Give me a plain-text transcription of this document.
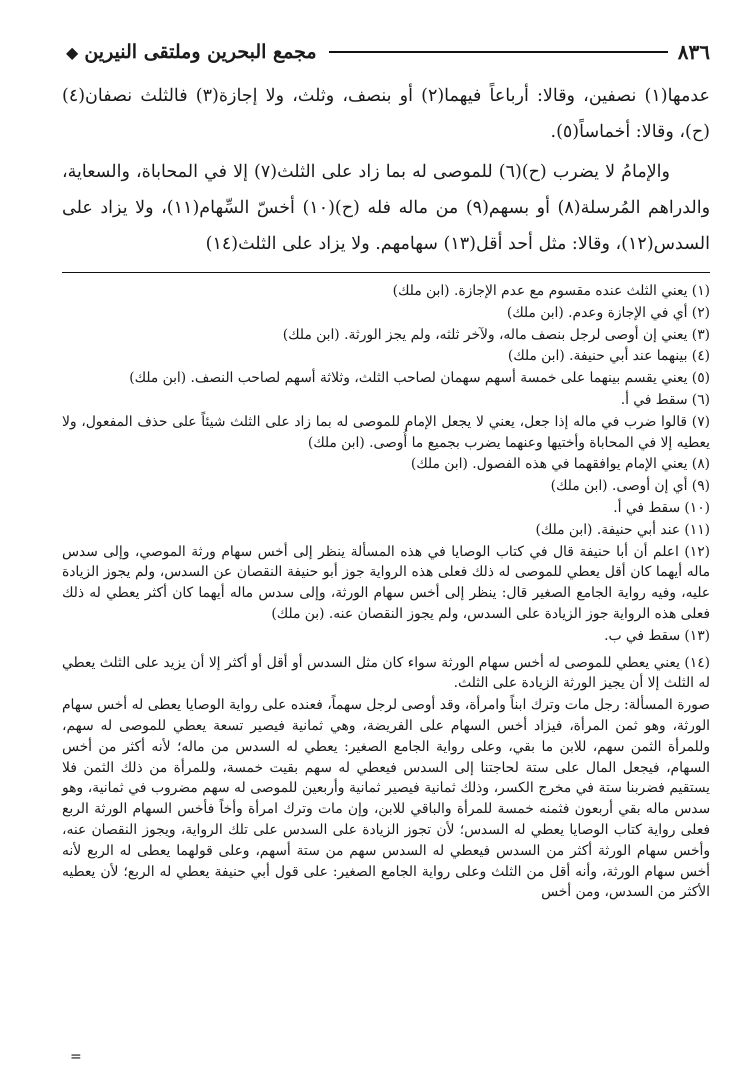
٨٣٦
مجمع البحرين وملتقى النيرين
◆

عدمها(١) نصفين، وقالا: أرباعاً فيهما(٢) أو بنصف، وثلث، ولا إجازة(٣) فالثلث نصفان(٤) (ح)، وقالا: أخماساً(٥).

والإمامُ لا يضرب (ح)(٦) للموصى له بما زاد على الثلث(٧) إلا في المحاباة، والسعاية، والدراهم المُرسلة(٨) أو بسهم(٩) من ماله فله (ح)(١٠) أخسّ السِّهام(١١)، ولا يزاد على السدس(١٢)، وقالا: مثل أحد أقل(١٣) سهامهم. ولا يزاد على الثلث(١٤)

(١) يعني الثلث عنده مقسوم مع عدم الإجازة. (ابن ملك)

(٢) أي في الإجازة وعدم. (ابن ملك)

(٣) يعني إن أوصى لرجل بنصف ماله، ولآخر ثلثه، ولم يجز الورثة. (ابن ملك)

(٤) بينهما عند أبي حنيفة. (ابن ملك)

(٥) يعني يقسم بينهما على خمسة أسهم سهمان لصاحب الثلث، وثلاثة أسهم لصاحب النصف. (ابن ملك)

(٦) سقط في أ.

(٧) قالوا ضرب في ماله إذا جعل، يعني لا يجعل الإمام للموصى له بما زاد على الثلث شيئاً على حذف المفعول، ولا يعطيه إلا في المحاباة وأختيها وعنهما يضرب بجميع ما أُوصى. (ابن ملك)

(٨) يعني الإمام يوافقهما في هذه الفصول. (ابن ملك)

(٩) أي إن أوصى. (ابن ملك)

(١٠) سقط في أ.

(١١) عند أبي حنيفة. (ابن ملك)

(١٢) اعلم أن أبا حنيفة قال في كتاب الوصايا في هذه المسألة ينظر إلى أخس سهام ورثة الموصي، وإلى سدس ماله أيهما كان أقل يعطي للموصى له ذلك فعلى هذه الرواية جوز أبو حنيفة النقصان عن السدس، ولم يجوز الزيادة عليه، وفيه رواية الجامع الصغير قال: ينظر إلى أخس سهام الورثة، وإلى سدس ماله أيهما كان أكثر يعطي له ذلك فعلى هذه الرواية جوز الزيادة على السدس، ولم يجوز النقصان عنه. (بن ملك)

(١٣) سقط في ب.

(١٤) يعني يعطي للموصى له أخس سهام الورثة سواء كان مثل السدس أو أقل أو أكثر إلا أن يزيد على الثلث يعطي له الثلث إلا أن يجيز الورثة الزيادة على الثلث.

صورة المسألة: رجل مات وترك ابناً وامرأة، وقد أوصى لرجل سهماً، فعنده على رواية الوصايا يعطى له أخس سهام الورثة، وهو ثمن المرأة، فيزاد أخس السهام على الفريضة، وهي ثمانية فيصير تسعة يعطي للموصى له سهم، وللمرأة الثمن سهم، للابن ما بقي، وعلى رواية الجامع الصغير: يعطي له السدس من ماله؛ لأنه أكثر من أخس السهام، فيجعل المال على ستة لحاجتنا إلى السدس فيعطي له سهم بقيت خمسة، وللمرأة من ذلك الثمن فلا يستقيم فضربنا ستة في مخرج الكسر، وذلك ثمانية فيصير ثمانية وأربعين للموصى له سهم مضروب في ثمانية، وهو سدس ماله بقي أربعون فثمنه خمسة للمرأة والباقي للابن، وإن مات وترك امرأة وأخاً فأخس السهام الورثة الربع فعلى رواية كتاب الوصايا يعطي له السدس؛ لأن تجوز الزيادة على السدس على تلك الرواية، ويجوز النقصان عنه، وأخس سهام الورثة أكثر من السدس فيعطي له السدس سهم من ستة أسهم، وعلى قولهما يعطى له الربع لأنه أخس سهام الورثة، وأنه أقل من الثلث وعلى رواية الجامع الصغير: على قول أبي حنيفة يعطي له الربع؛ لأن يعطيه الأكثر من السدس، ومن أخس

=
